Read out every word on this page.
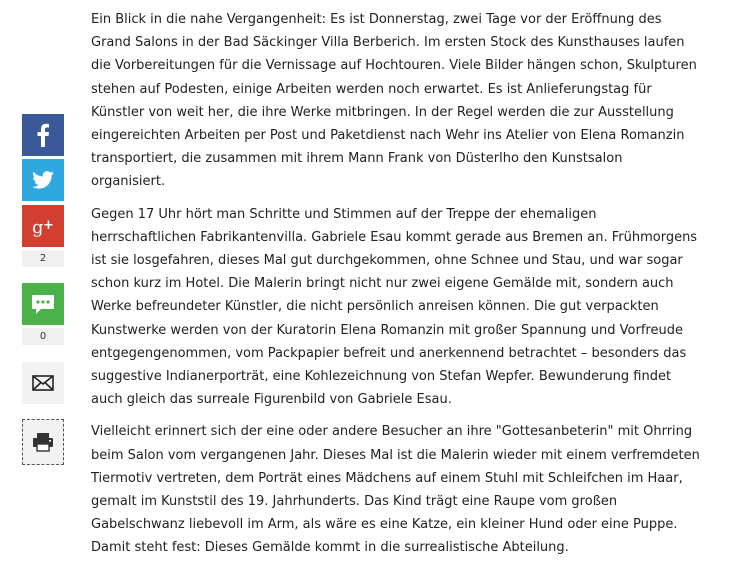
g +
2
0

Ein Blick in die nahe Vergangenheit: Es ist Donnerstag, zwei Tage vor der Eröffnung des
Grand Salons in der Bad Säckinger Villa Berberich. Im ersten Stock des Kunsthauses laufen
die Vorbereitungen für die Vernissage auf Hochtouren. Viele Bilder hängen schon, Skulpturen
stehen auf Podesten, einige Arbeiten werden noch erwartet. Es ist Anlieferungstag für
Künstler von weit her, die ihre Werke mitbringen. In der Regel werden die zur Ausstellung
eingereichten Arbeiten per Post und Paketdienst nach Wehr ins Atelier von Elena Romanzin
transportiert, die zusammen mit ihrem Mann Frank von Düsterlho den Kunstsalon
organisiert.

Gegen 17 Uhr hört man Schritte und Stimmen auf der Treppe der ehemaligen
herrschaftlichen Fabrikantenvilla. Gabriele Esau kommt gerade aus Bremen an. Frühmorgens
ist sie losgefahren, dieses Mal gut durchgekommen, ohne Schnee und Stau, und war sogar
schon kurz im Hotel. Die Malerin bringt nicht nur zwei eigene Gemälde mit, sondern auch
Werke befreundeter Künstler, die nicht persönlich anreisen können. Die gut verpackten
Kunstwerke werden von der Kuratorin Elena Romanzin mit großer Spannung und Vorfreude
entgegengenommen, vom Packpapier befreit und anerkennend betrachtet – besonders das
suggestive Indianerporträt, eine Kohlezeichnung von Stefan Wepfer. Bewunderung findet
auch gleich das surreale Figurenbild von Gabriele Esau.

Vielleicht erinnert sich der eine oder andere Besucher an ihre "Gottesanbeterin" mit Ohrring
beim Salon vom vergangenen Jahr. Dieses Mal ist die Malerin wieder mit einem verfremdeten
Tiermotiv vertreten, dem Porträt eines Mädchens auf einem Stuhl mit Schleifchen im Haar,
gemalt im Kunststil des 19. Jahrhunderts. Das Kind trägt eine Raupe vom großen
Gabelschwanz liebevoll im Arm, als wäre es eine Katze, ein kleiner Hund oder eine Puppe.
Damit steht fest: Dieses Gemälde kommt in die surrealistische Abteilung.
